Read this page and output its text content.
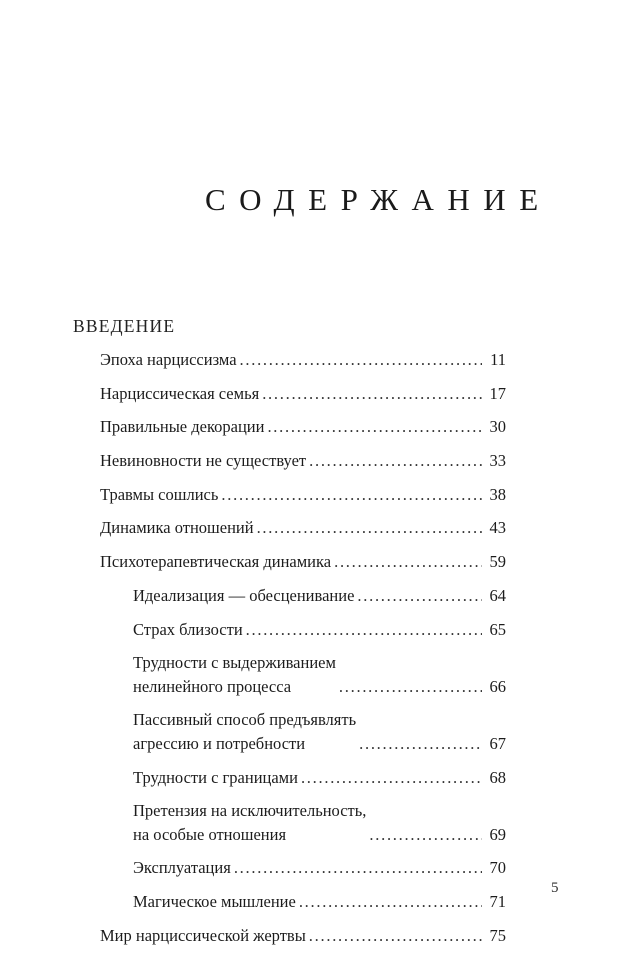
СОДЕРЖАНИЕ
ВВЕДЕНИЕ
Эпоха нарциссизма . . .	11
Нарциссическая семья . . .	17
Правильные декорации . . .	30
Невиновности не существует . . .	33
Травмы сошлись . . .	38
Динамика отношений . . .	43
Психотерапевтическая динамика . . .	59
Идеализация — обесценивание . . .	64
Страх близости . . .	65
Трудности с выдерживанием
нелинейного процесса . . .	66
Пассивный способ предъявлять
агрессию и потребности . . .	67
Трудности с границами . . .	68
Претензия на исключительность,
на особые отношения . . .	69
Эксплуатация . . .	70
Магическое мышление . . .	71
Мир нарциссической жертвы . . .	75
5
